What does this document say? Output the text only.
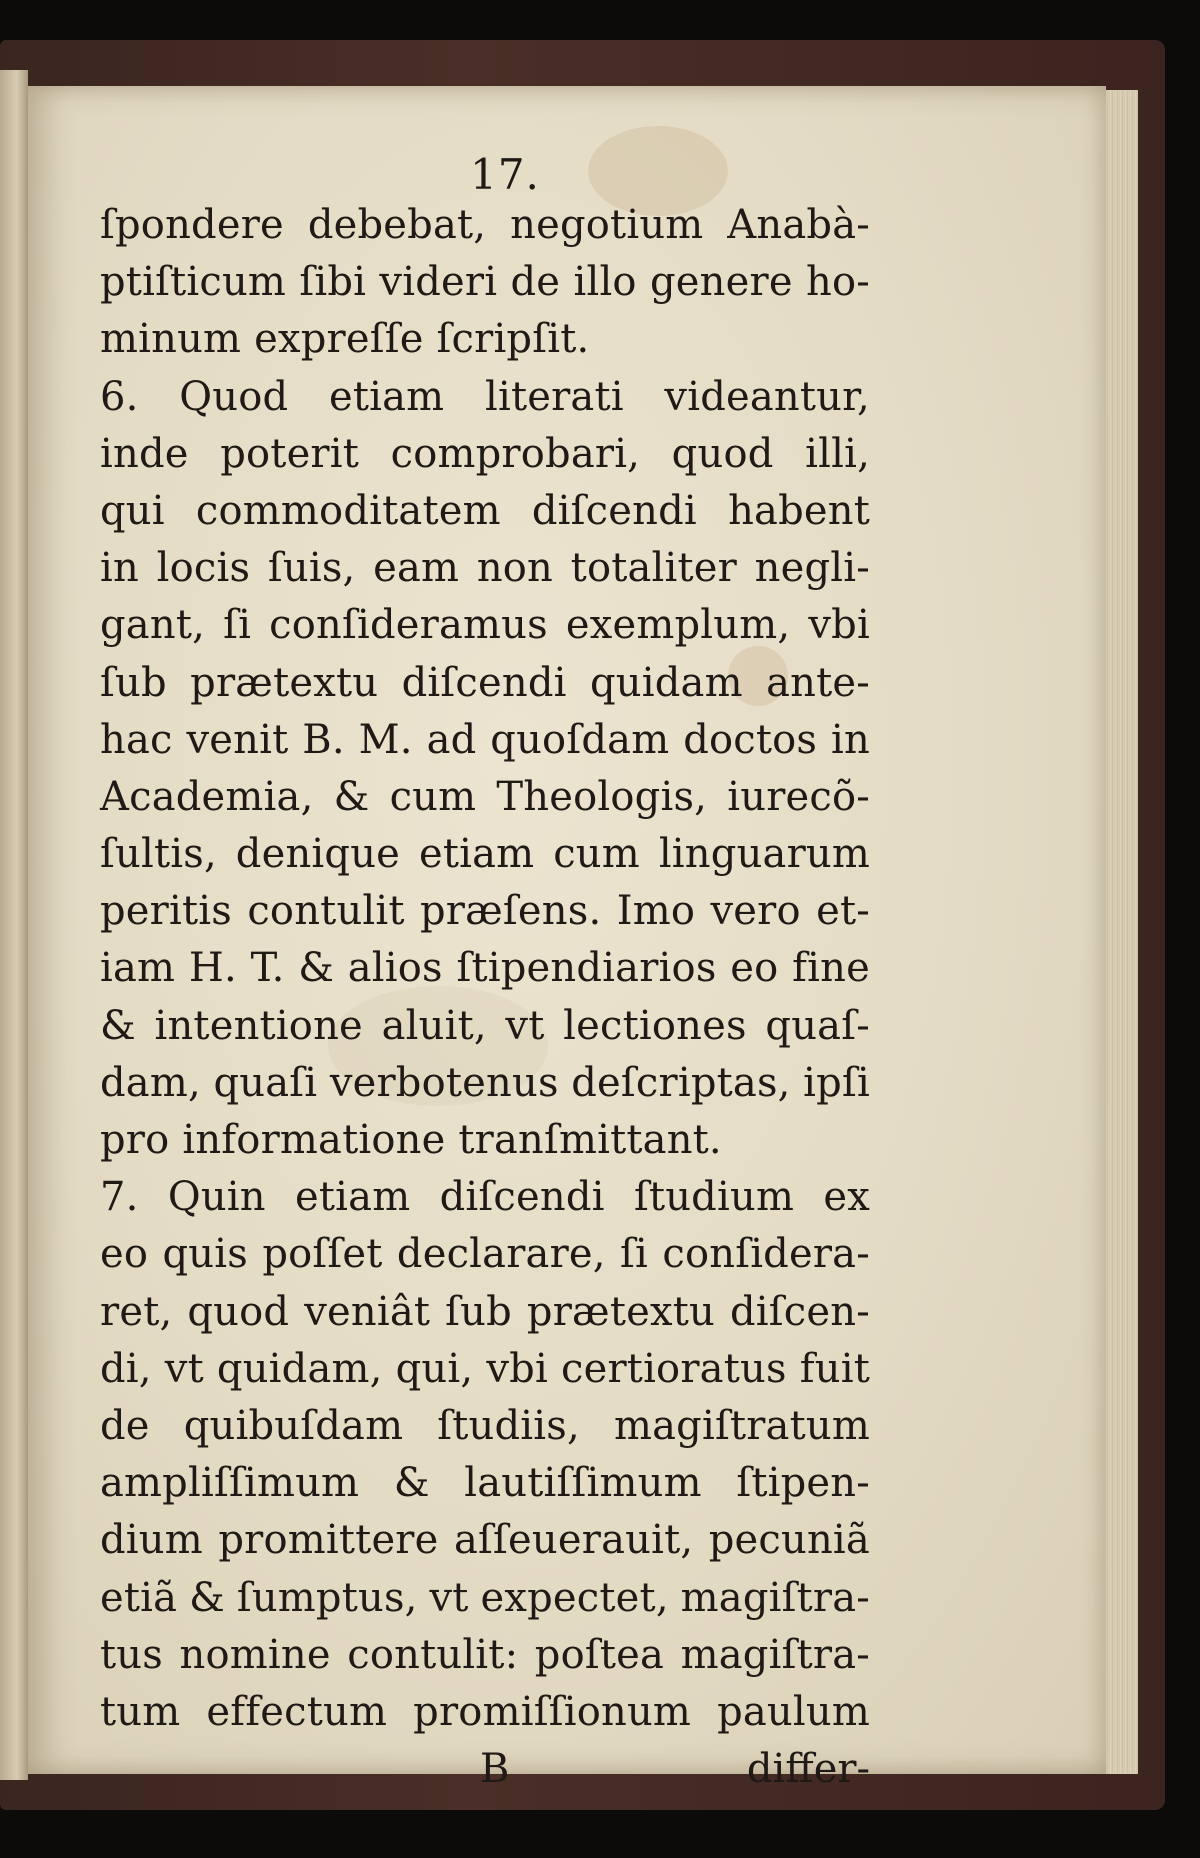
17.
ſpondere debebat, negotium Anabà-
ptiſticum ſibi videri de illo genere ho-
minum expreſſe ſcripſit.
6. Quod etiam literati videantur,
inde poterit comprobari, quod illi,
qui commoditatem diſcendi habent
in locis ſuis, eam non totaliter negli-
gant, ſi conſideramus exemplum, vbi
ſub prætextu diſcendi quidam ante-
hac venit B. M. ad quoſdam doctos in
Academia, & cum Theologis, iurecõ-
ſultis, denique etiam cum linguarum
peritis contulit præſens. Imo vero et-
iam H. T. & alios ſtipendiarios eo fine
& intentione aluit, vt lectiones quaſ-
dam, quaſi verbotenus deſcriptas, ipſi
pro informatione tranſmittant.
7. Quin etiam diſcendi ſtudium ex
eo quis poſſet declarare, ſi conſidera-
ret, quod veniât ſub prætextu diſcen-
di, vt quidam, qui, vbi certioratus fuit
de quibuſdam ſtudiis, magiſtratum
ampliſſimum & lautiſſimum ſtipen-
dium promittere aſſeuerauit, pecuniã
etiã & ſumptus, vt expectet, magiſtra-
tus nomine contulit: poſtea magiſtra-
tum effectum promiſſionum paulum
B	differ-
